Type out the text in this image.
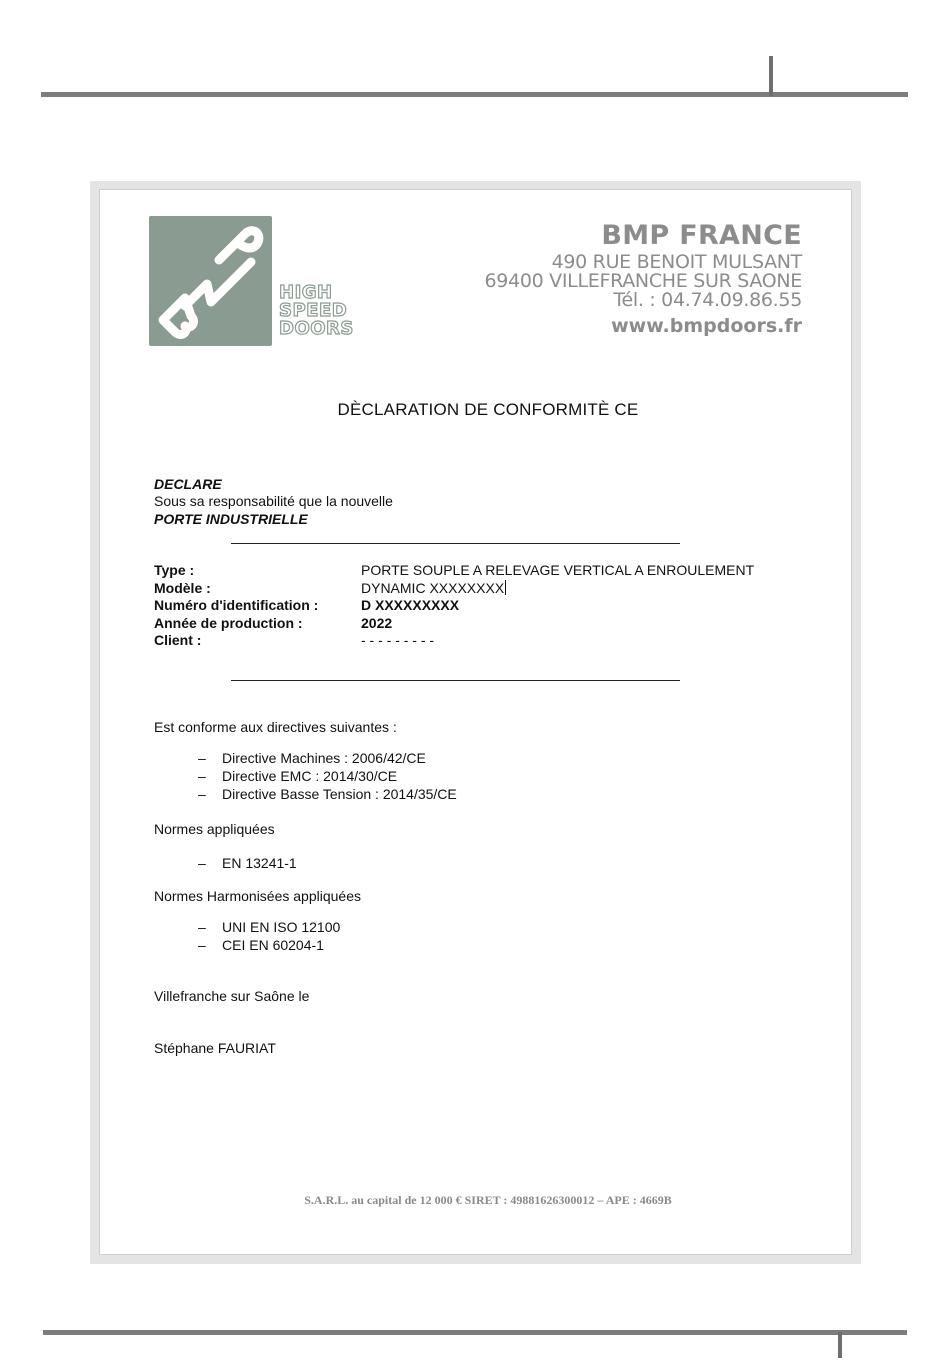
HIGH
SPEED
DOORS
BMP FRANCE
490 RUE BENOIT MULSANT
69400 VILLEFRANCHE SUR SAONE
Tél. : 04.74.09.86.55
www.bmpdoors.fr
DÈCLARATION DE CONFORMITÈ CE
DECLARE
Sous sa responsabilité que la nouvelle
PORTE INDUSTRIELLE
Type :	PORTE SOUPLE A RELEVAGE VERTICAL A ENROULEMENT
Modèle :	DYNAMIC XXXXXXXX
Numéro d'identification :	D XXXXXXXXX
Année de production :	2022
Client :	- - - - - - - - -
Est conforme aux directives suivantes :
–	Directive Machines : 2006/42/CE
–	Directive EMC : 2014/30/CE
–	Directive Basse Tension : 2014/35/CE
Normes appliquées
–	EN 13241-1
Normes Harmonisées appliquées
–	UNI EN ISO 12100
–	CEI EN 60204-1
Villefranche sur Saône le
Stéphane FAURIAT
S.A.R.L. au capital de 12 000 € SIRET : 49881626300012 – APE : 4669B
